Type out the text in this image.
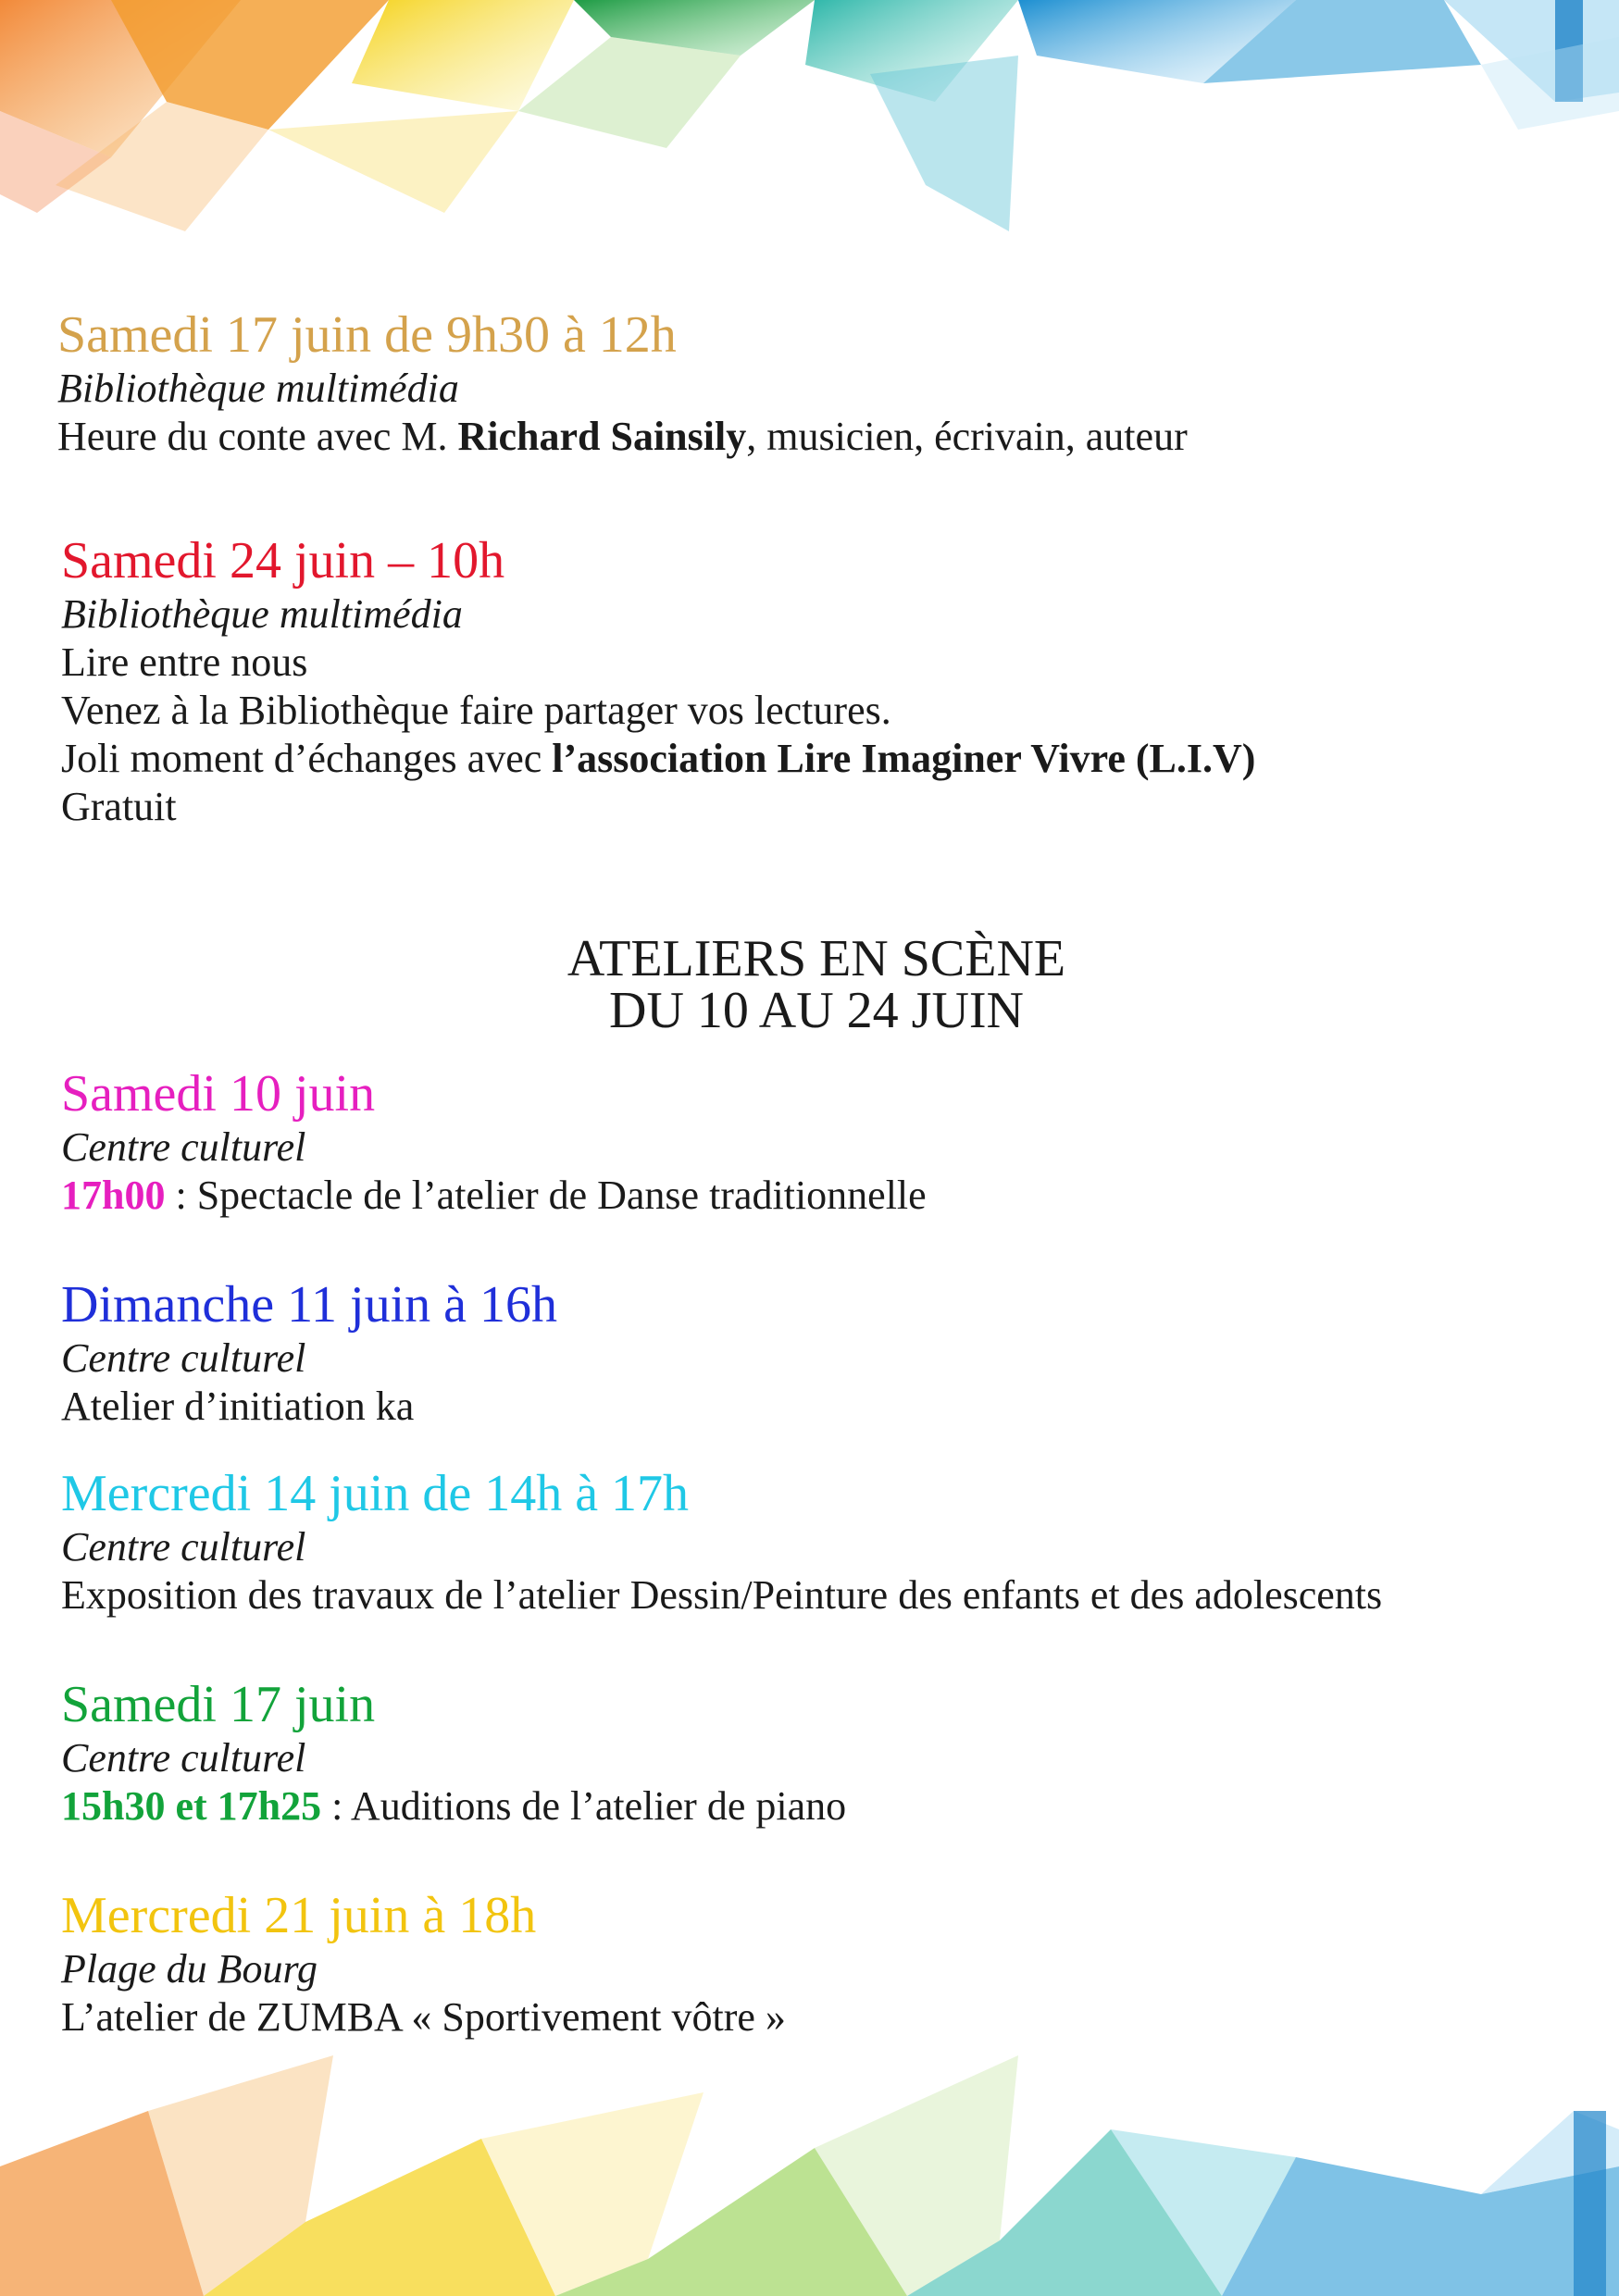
Samedi 17 juin de 9h30 à 12h

Bibliothèque multimédia

Heure du conte avec M. Richard Sainsily, musicien, écrivain, auteur

Samedi 24 juin – 10h

Bibliothèque multimédia

Lire entre nous

Venez à la Bibliothèque faire partager vos lectures.

Joli moment d’échanges avec l’association Lire Imaginer Vivre (L.I.V)

Gratuit

ATELIERS EN SCÈNE

DU 10 AU 24 JUIN

Samedi 10 juin

Centre culturel

17h00 : Spectacle de l’atelier de Danse traditionnelle

Dimanche 11 juin à 16h

Centre culturel

Atelier d’initiation ka

Mercredi 14 juin de 14h à 17h

Centre culturel

Exposition des travaux de l’atelier Dessin/Peinture des enfants et des adolescents

Samedi 17 juin

Centre culturel

15h30 et 17h25 : Auditions de l’atelier de piano

Mercredi 21 juin à 18h

Plage du Bourg

L’atelier de ZUMBA « Sportivement vôtre »
